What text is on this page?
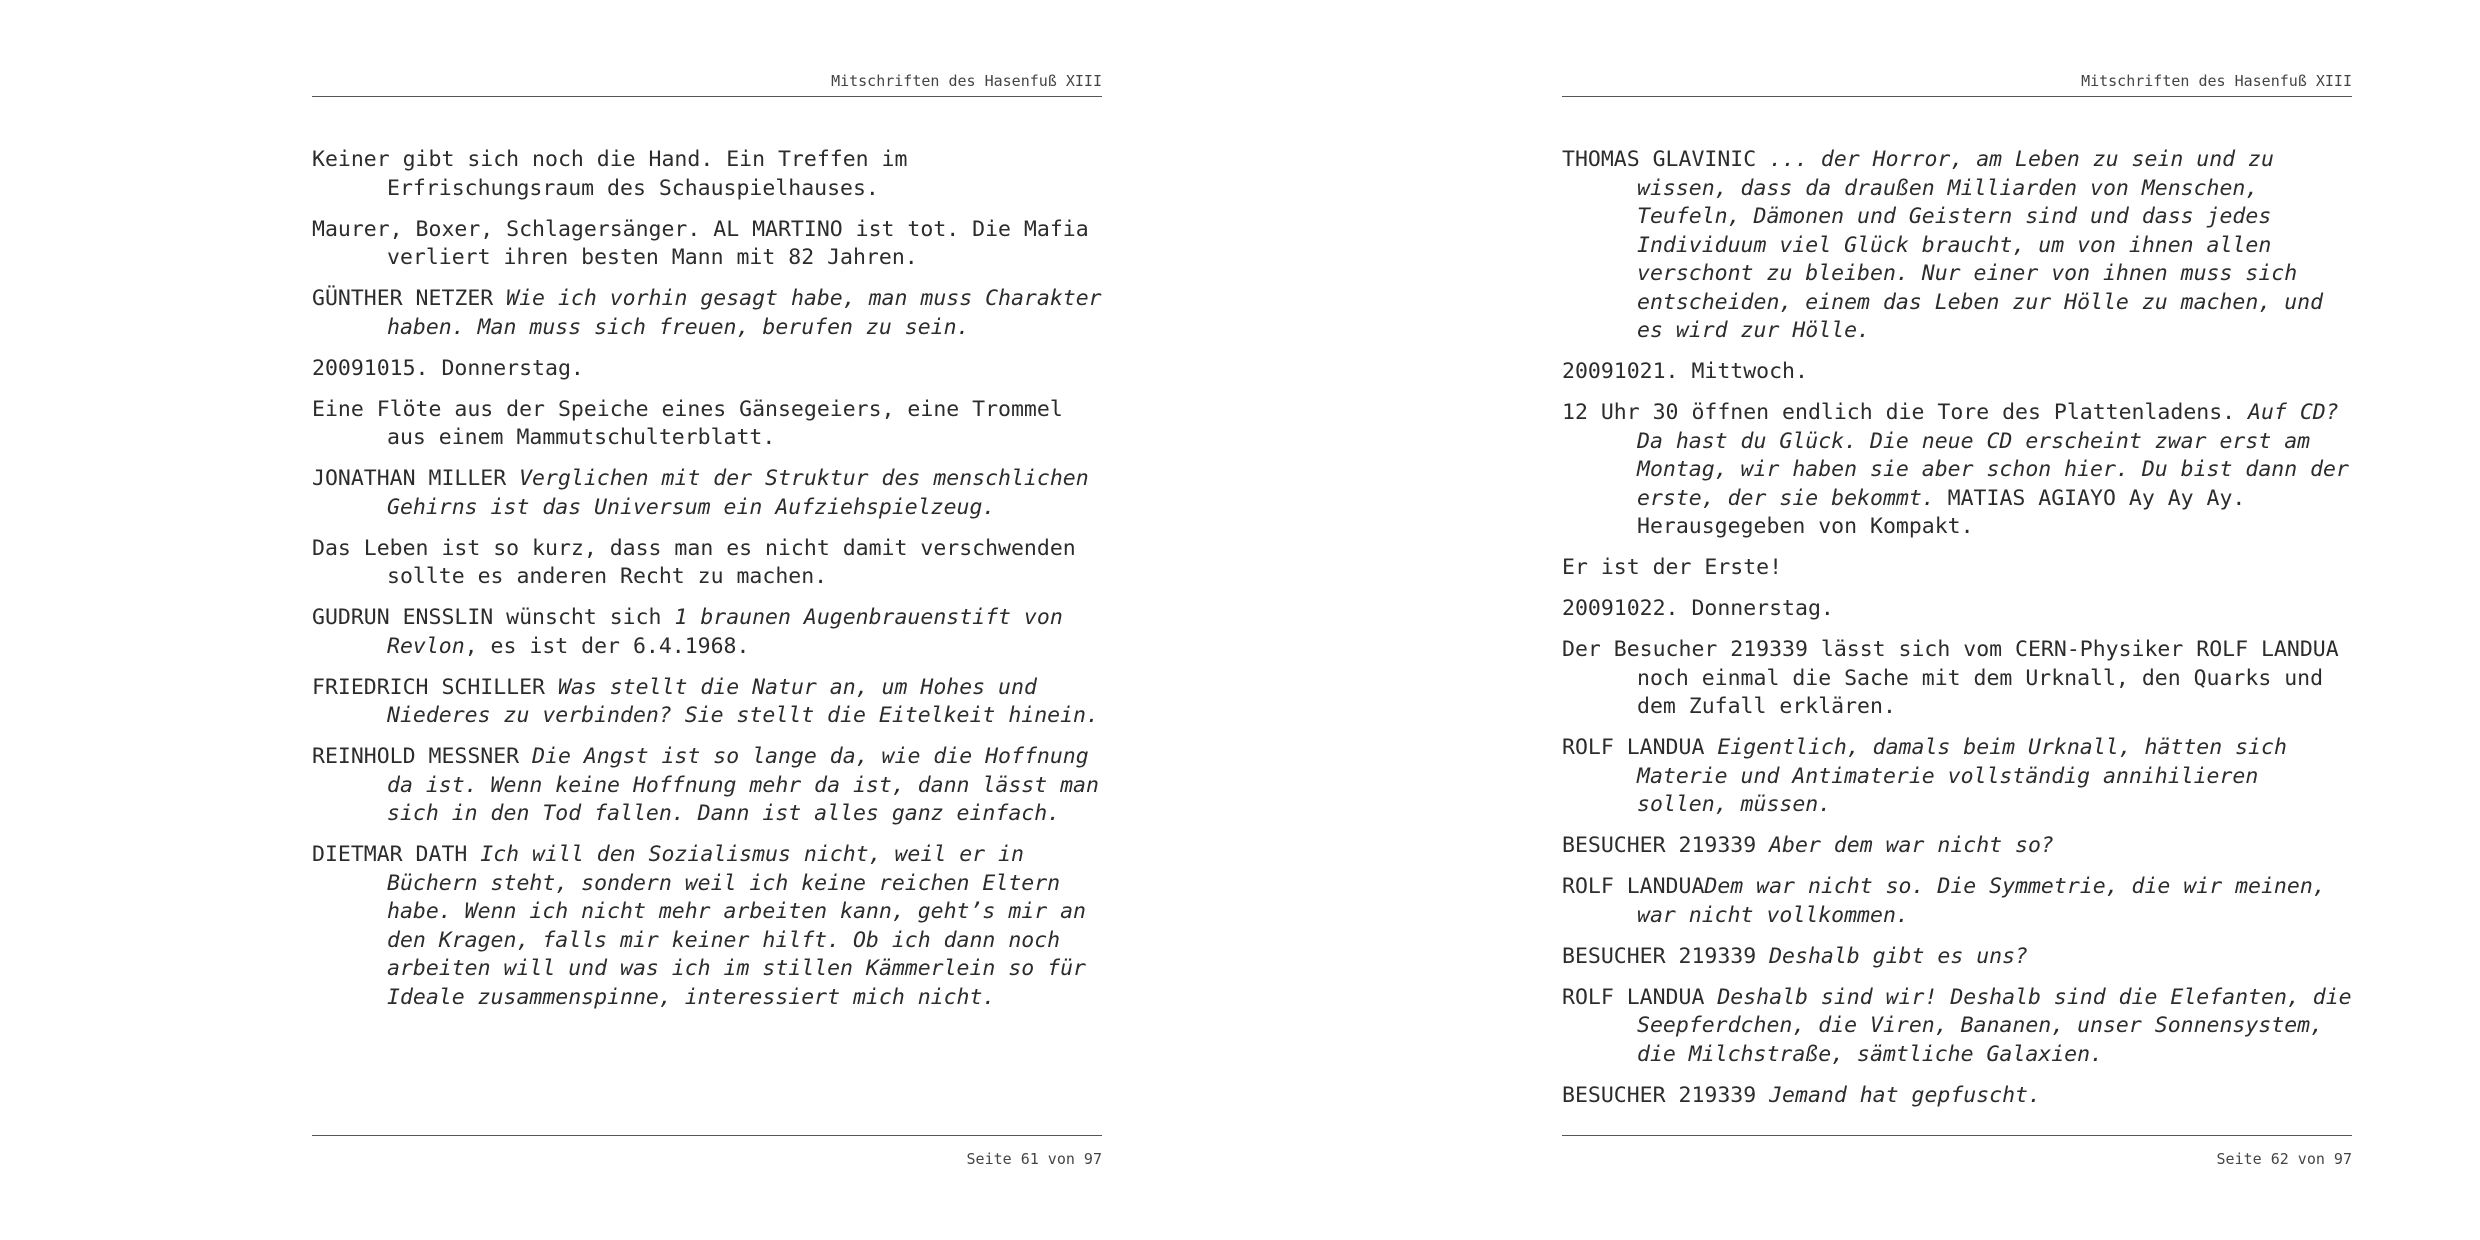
Mitschriften des Hasenfuß XIII

Keiner gibt sich noch die Hand. Ein Treffen im Erfrischungsraum des Schauspielhauses.

Maurer, Boxer, Schlagersänger. AL MARTINO ist tot. Die Mafia verliert ihren besten Mann mit 82 Jahren.

GÜNTHER NETZER Wie ich vorhin gesagt habe, man muss Charakter haben. Man muss sich freuen, berufen zu sein.

20091015. Donnerstag.

Eine Flöte aus der Speiche eines Gänsegeiers, eine Trommel aus einem Mammutschulterblatt.

JONATHAN MILLER Verglichen mit der Struktur des menschlichen Gehirns ist das Universum ein Aufziehspielzeug.

Das Leben ist so kurz, dass man es nicht damit verschwenden sollte es anderen Recht zu machen.

GUDRUN ENSSLIN wünscht sich 1 braunen Augenbrauenstift von Revlon, es ist der 6.4.1968.

FRIEDRICH SCHILLER Was stellt die Natur an, um Hohes und Niederes zu verbinden? Sie stellt die Eitelkeit hinein.

REINHOLD MESSNER Die Angst ist so lange da, wie die Hoffnung da ist. Wenn keine Hoffnung mehr da ist, dann lässt man sich in den Tod fallen. Dann ist alles ganz einfach.

DIETMAR DATH Ich will den Sozialismus nicht, weil er in Büchern steht, sondern weil ich keine reichen Eltern habe. Wenn ich nicht mehr arbeiten kann, geht’s mir an den Kragen, falls mir keiner hilft. Ob ich dann noch arbeiten will und was ich im stillen Kämmerlein so für Ideale zusammenspinne, interessiert mich nicht.

Seite 61 von 97
Mitschriften des Hasenfuß XIII

THOMAS GLAVINIC ... der Horror, am Leben zu sein und zu wissen, dass da draußen Milliarden von Menschen, Teufeln, Dämonen und Geistern sind und dass jedes Individuum viel Glück braucht, um von ihnen allen verschont zu bleiben. Nur einer von ihnen muss sich entscheiden, einem das Leben zur Hölle zu machen, und es wird zur Hölle.

20091021. Mittwoch.

12 Uhr 30 öffnen endlich die Tore des Plattenladens. Auf CD? Da hast du Glück. Die neue CD erscheint zwar erst am Montag, wir haben sie aber schon hier. Du bist dann der erste, der sie bekommt. MATIAS AGIAYO Ay Ay Ay. Herausgegeben von Kompakt.

Er ist der Erste!

20091022. Donnerstag.

Der Besucher 219339 lässt sich vom CERN-Physiker ROLF LANDUA noch einmal die Sache mit dem Urknall, den Quarks und dem Zufall erklären.

ROLF LANDUA Eigentlich, damals beim Urknall, hätten sich Materie und Antimaterie vollständig annihilieren sollen, müssen.

BESUCHER 219339 Aber dem war nicht so?

ROLF LANDUADem war nicht so. Die Symmetrie, die wir meinen, war nicht vollkommen.

BESUCHER 219339 Deshalb gibt es uns?

ROLF LANDUA Deshalb sind wir! Deshalb sind die Elefanten, die Seepferdchen, die Viren, Bananen, unser Sonnensystem, die Milchstraße, sämtliche Galaxien.

BESUCHER 219339 Jemand hat gepfuscht.

Seite 62 von 97
